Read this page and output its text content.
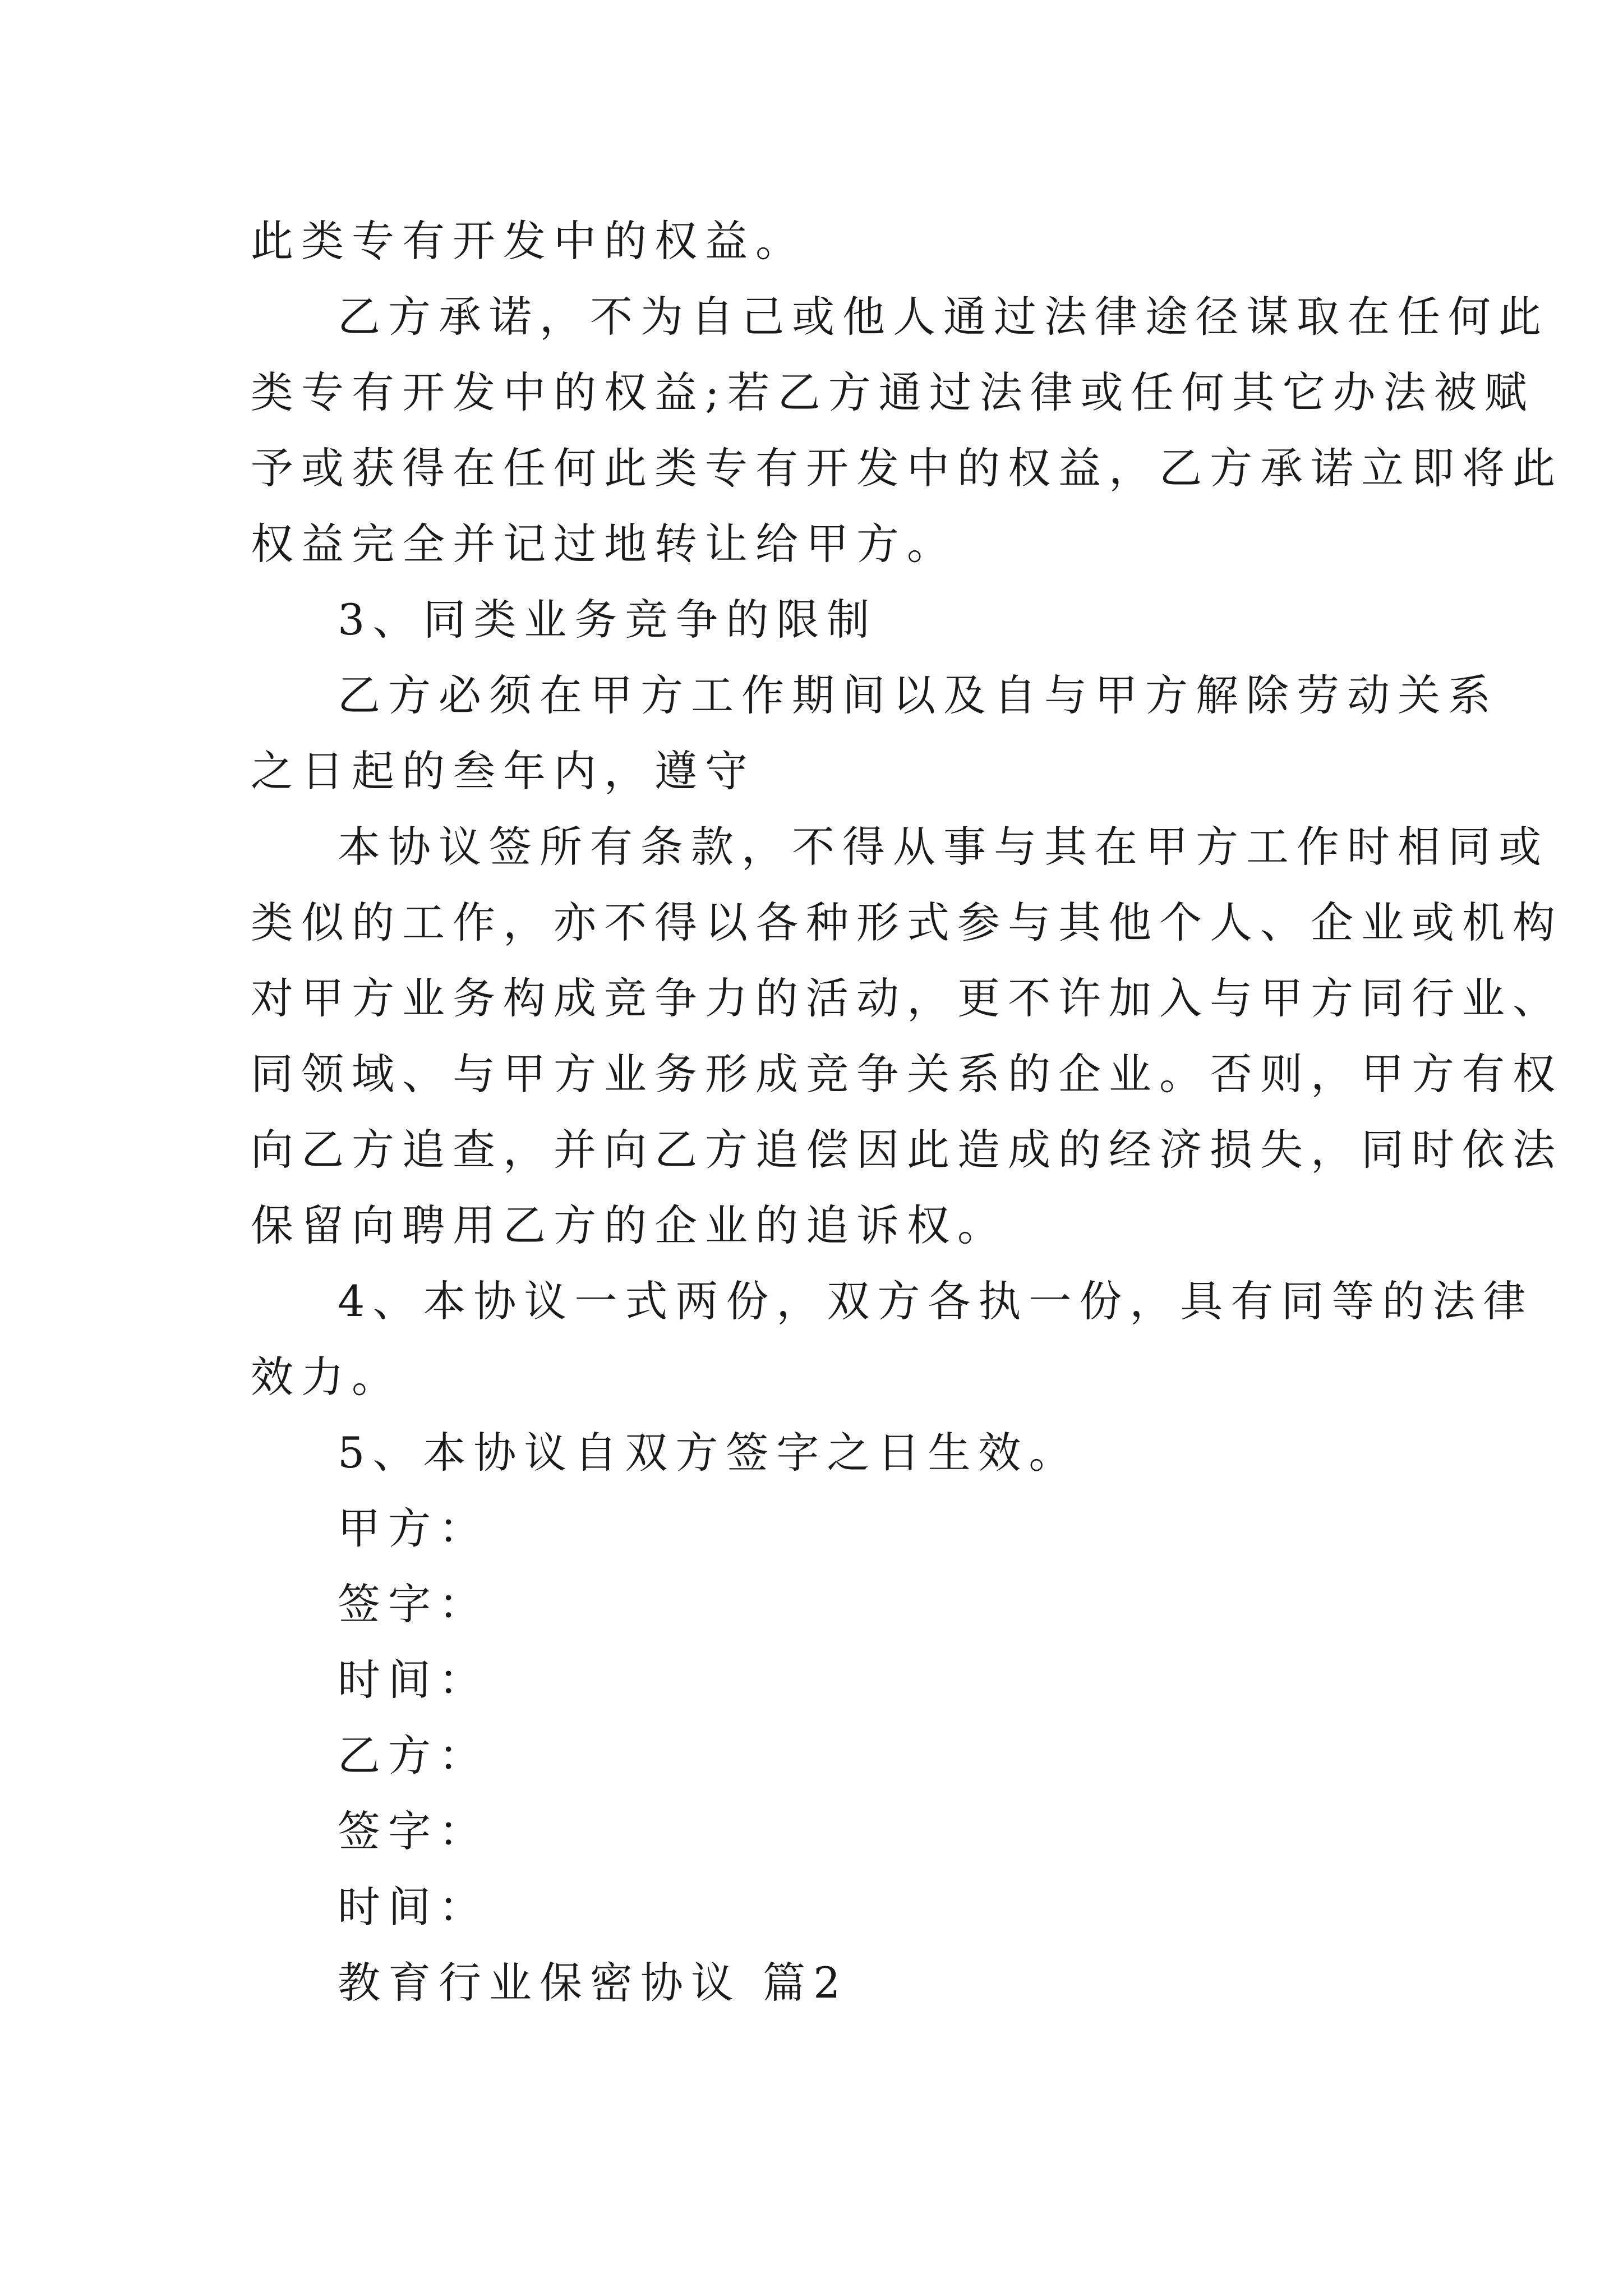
此类专有开发中的权益。
乙方承诺，不为自己或他人通过法律途径谋取在任何此
类专有开发中的权益;若乙方通过法律或任何其它办法被赋
予或获得在任何此类专有开发中的权益，乙方承诺立即将此
权益完全并记过地转让给甲方。
3、同类业务竞争的限制
乙方必须在甲方工作期间以及自与甲方解除劳动关系
之日起的叁年内，遵守
本协议签所有条款，不得从事与其在甲方工作时相同或
类似的工作，亦不得以各种形式参与其他个人、企业或机构
对甲方业务构成竞争力的活动，更不许加入与甲方同行业、
同领域、与甲方业务形成竞争关系的企业。否则，甲方有权
向乙方追查，并向乙方追偿因此造成的经济损失，同时依法
保留向聘用乙方的企业的追诉权。
4、本协议一式两份，双方各执一份，具有同等的法律
效力。
5、本协议自双方签字之日生效。
甲方：
签字：
时间：
乙方：
签字：
时间：
教育行业保密协议 篇2
